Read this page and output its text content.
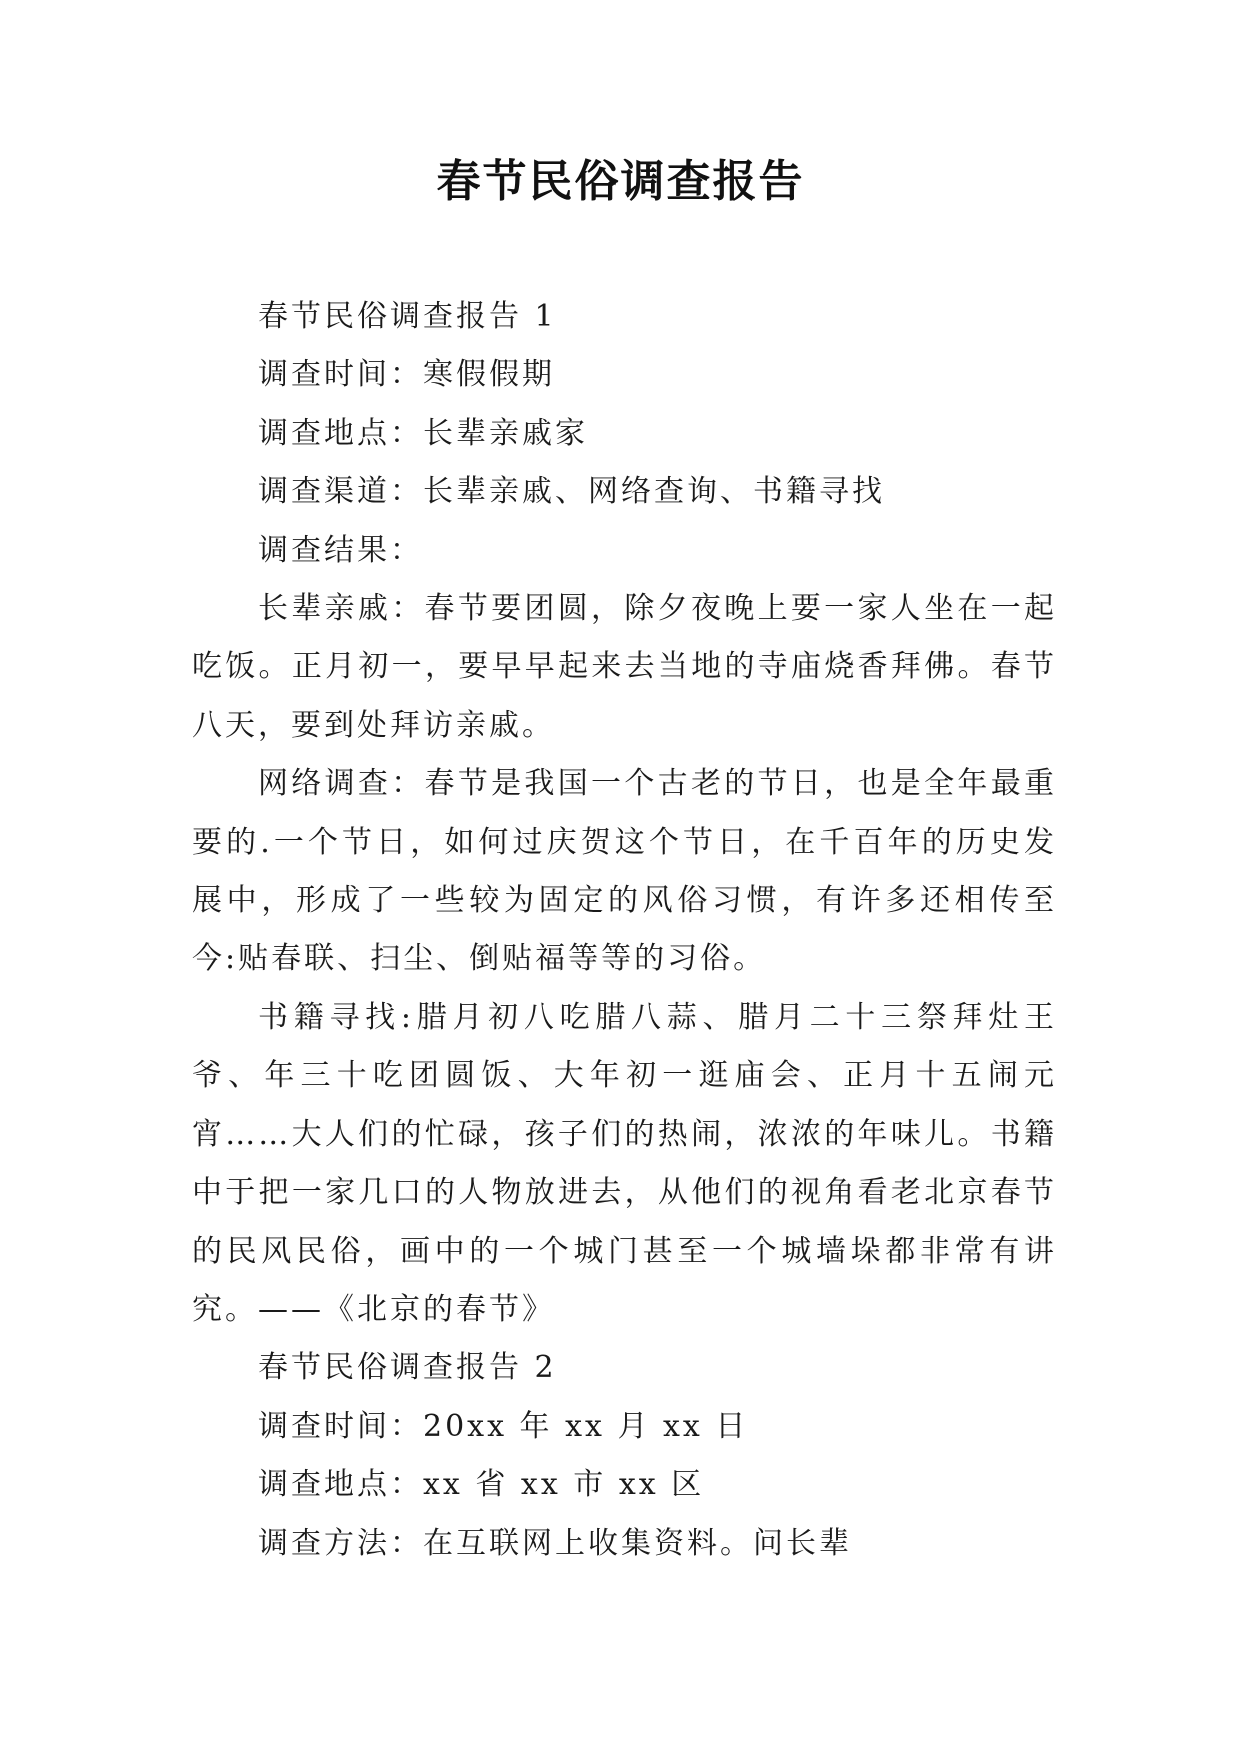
春节民俗调查报告

春节民俗调查报告 1

调查时间：寒假假期

调查地点：长辈亲戚家

调查渠道：长辈亲戚、网络查询、书籍寻找

调查结果：

长辈亲戚：春节要团圆，除夕夜晚上要一家人坐在一起吃饭。正月初一，要早早起来去当地的寺庙烧香拜佛。春节八天，要到处拜访亲戚。

网络调查：春节是我国一个古老的节日，也是全年最重要的.一个节日，如何过庆贺这个节日，在千百年的历史发展中，形成了一些较为固定的风俗习惯，有许多还相传至今:贴春联、扫尘、倒贴福等等的习俗。

书籍寻找:腊月初八吃腊八蒜、腊月二十三祭拜灶王爷、年三十吃团圆饭、大年初一逛庙会、正月十五闹元宵……大人们的忙碌，孩子们的热闹，浓浓的年味儿。书籍中于把一家几口的人物放进去，从他们的视角看老北京春节的民风民俗，画中的一个城门甚至一个城墙垛都非常有讲究。——《北京的春节》

春节民俗调查报告 2

调查时间：20xx 年 xx 月 xx 日

调查地点：xx 省 xx 市 xx 区

调查方法：在互联网上收集资料。问长辈
